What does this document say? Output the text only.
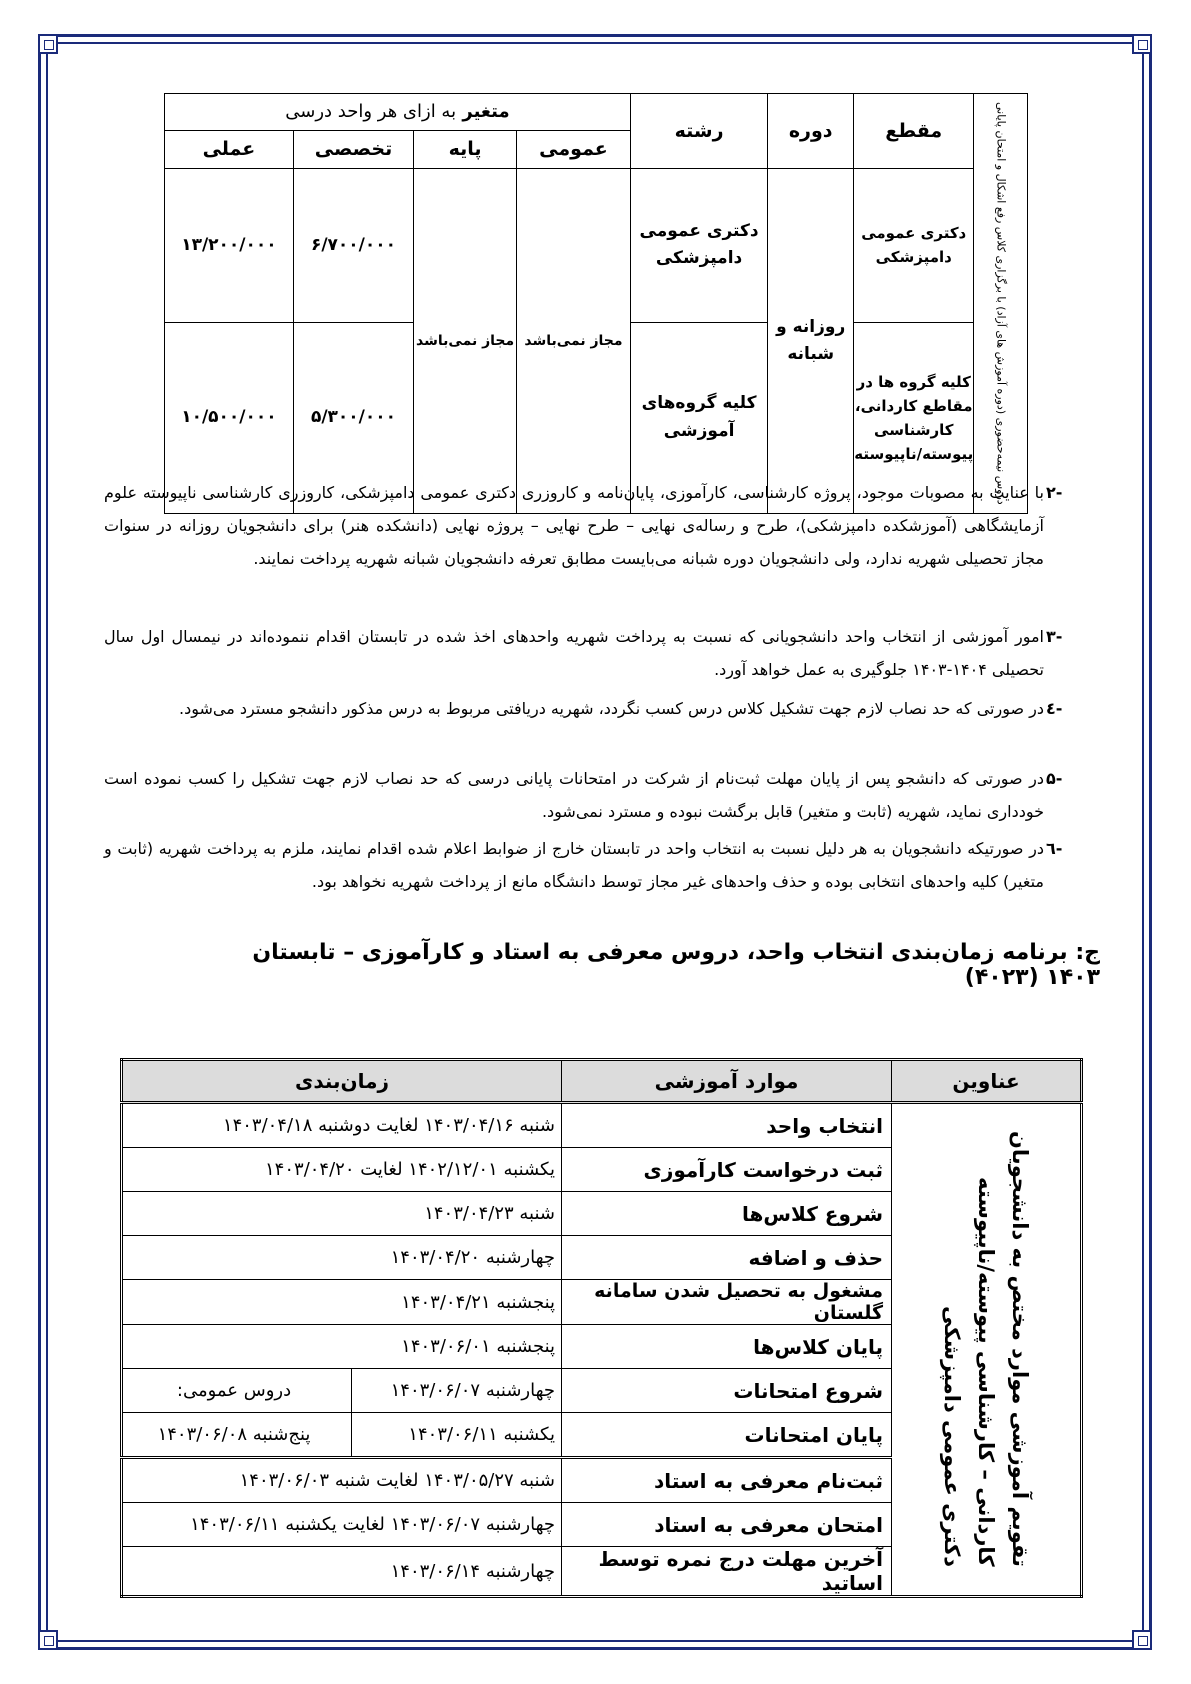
دروس نیمه‌حضوری (دوره آموزش های آزاد) با برگزاری کلاس رفع اشکال و امتحان پایانی	مقطع	دوره	رشته	متغیر به ازای هر واحد درسی			
				عمومی	پایه	تخصصی	عملی
	دکتری عمومی دامپزشکی	روزانه و شبانه	دکتری عمومی دامپزشکی	مجاز نمی‌باشد	مجاز نمی‌باشد	۶/۷۰۰/۰۰۰	۱۳/۲۰۰/۰۰۰
	کلیه گروه ها در مقاطع کاردانی، کارشناسی پیوسته/ناپیوسته		کلیه گروه‌های آموزشی			۵/۳۰۰/۰۰۰	۱۰/۵۰۰/۰۰۰
-۲

با عنایت به مصوبات موجود، پروژه کارشناسی، کارآموزی، پایان‌نامه و کاروزری دکتری عمومی دامپزشکی، کاروزری کارشناسی ناپیوسته علوم آزمایشگاهی (آموزشکده دامپزشکی)، طرح و رساله‌ی نهایی – طرح نهایی – پروژه نهایی (دانشکده هنر) برای دانشجویان روزانه در سنوات مجاز تحصیلی شهریه ندارد، ولی دانشجویان دوره شبانه می‌بایست مطابق تعرفه دانشجویان شبانه شهریه پرداخت نمایند.

-۳

امور آموزشی از انتخاب واحد دانشجویانی که نسبت به پرداخت شهریه واحدهای اخذ شده در تابستان اقدام ننموده‌اند در نیمسال اول سال تحصیلی ۱۴۰۴-۱۴۰۳ جلوگیری به عمل خواهد آورد.

-٤

در صورتی که حد نصاب لازم جهت تشکیل کلاس درس کسب نگردد، شهریه دریافتی مربوط به درس مذکور دانشجو مسترد می‌شود.

-۵

در صورتی که دانشجو پس از پایان مهلت ثبت‌نام از شرکت در امتحانات پایانی درسی که حد نصاب لازم جهت تشکیل را کسب نموده است خودداری نماید، شهریه (ثابت و متغیر) قابل برگشت نبوده و مسترد نمی‌شود.

-٦

در صورتیکه دانشجویان به هر دلیل نسبت به انتخاب واحد در تابستان خارج از ضوابط اعلام شده اقدام نمایند، ملزم به پرداخت شهریه (ثابت و متغیر) کلیه واحدهای انتخابی بوده و حذف واحدهای غیر مجاز توسط دانشگاه مانع از پرداخت شهریه نخواهد بود.

ج: برنامه زمان‌بندی انتخاب واحد، دروس معرفی به استاد و کارآموزی – تابستان ۱۴۰۳ (۴۰۲۳)
عناوین	موارد آموزشی	زمان‌بندی	
تقویم آموزشی موارد مختص به دانشجویان کاردانی – کارشناسی پیوسته/ناپیوسته دکتری عمومی دامپزشکی	انتخاب واحد	شنبه ۱۴۰۳/۰۴/۱۶ لغایت دوشنبه ۱۴۰۳/۰۴/۱۸	
	ثبت درخواست کارآموزی	یکشنبه ۱۴۰۲/۱۲/۰۱ لغایت ۱۴۰۳/۰۴/۲۰	
	شروع کلاس‌ها	شنبه ۱۴۰۳/۰۴/۲۳	
	حذف و اضافه	چهارشنبه ۱۴۰۳/۰۴/۲۰	
	مشغول به تحصیل شدن سامانه گلستان	پنجشنبه ۱۴۰۳/۰۴/۲۱	
	پایان کلاس‌ها	پنجشنبه ۱۴۰۳/۰۶/۰۱	
	شروع امتحانات	چهارشنبه ۱۴۰۳/۰۶/۰۷	دروس عمومی:
	پایان امتحانات	یکشنبه ۱۴۰۳/۰۶/۱۱	پنج‌شنبه ۱۴۰۳/۰۶/۰۸
	ثبت‌نام معرفی به استاد	شنبه ۱۴۰۳/۰۵/۲۷ لغایت شنبه ۱۴۰۳/۰۶/۰۳	
	امتحان معرفی به استاد	چهارشنبه ۱۴۰۳/۰۶/۰۷ لغایت یکشنبه ۱۴۰۳/۰۶/۱۱	
	آخرین مهلت درج نمره توسط اساتید	چهارشنبه ۱۴۰۳/۰۶/۱۴	
